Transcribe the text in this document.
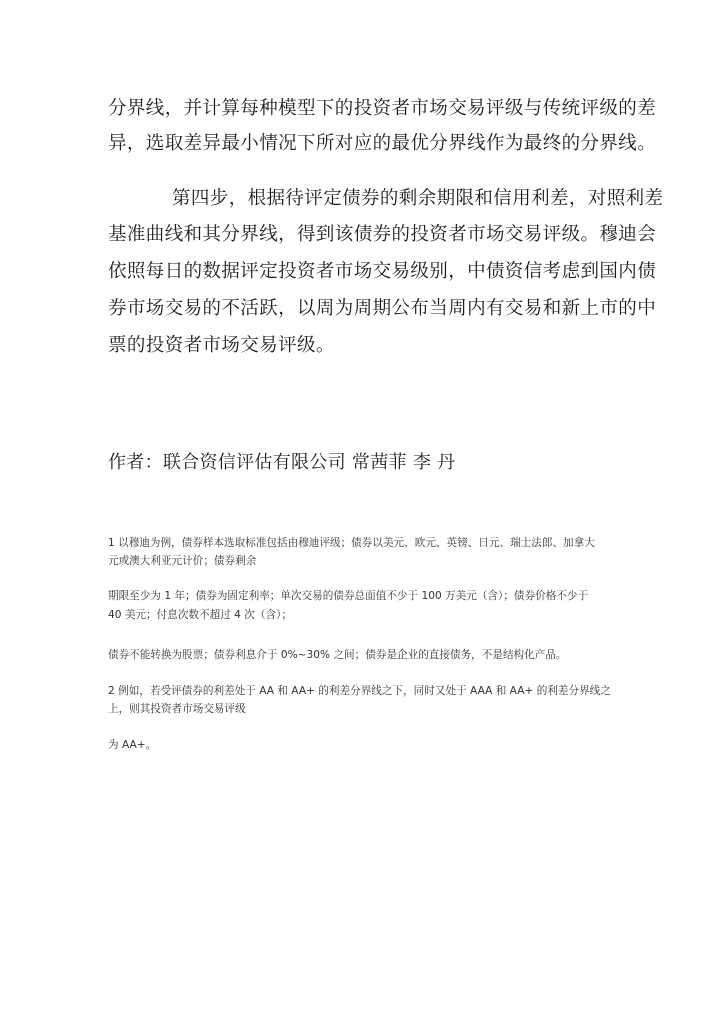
分界线，并计算每种模型下的投资者市场交易评级与传统评级的差
异，选取差异最小情况下所对应的最优分界线作为最终的分界线。
第四步，根据待评定债券的剩余期限和信用利差，对照利差
基准曲线和其分界线，得到该债券的投资者市场交易评级。穆迪会
依照每日的数据评定投资者市场交易级别，中债资信考虑到国内债
券市场交易的不活跃，以周为周期公布当周内有交易和新上市的中
票的投资者市场交易评级。
作者：联合资信评估有限公司 常茜菲 李 丹
1 以穆迪为例，债券样本选取标准包括由穆迪评级；债券以美元、欧元、英镑、日元、瑞士法郎、加拿大
元或澳大利亚元计价；债券剩余
期限至少为 1 年；债券为固定利率；单次交易的债券总面值不少于 100 万美元（含）；债券价格不少于
40 美元；付息次数不超过 4 次（含）；
债券不能转换为股票；债券利息介于 0%~30% 之间；债券是企业的直接债务，不是结构化产品。
2 例如，若受评债券的利差处于 AA 和 AA+ 的利差分界线之下，同时又处于 AAA 和 AA+ 的利差分界线之
上，则其投资者市场交易评级
为 AA+。
